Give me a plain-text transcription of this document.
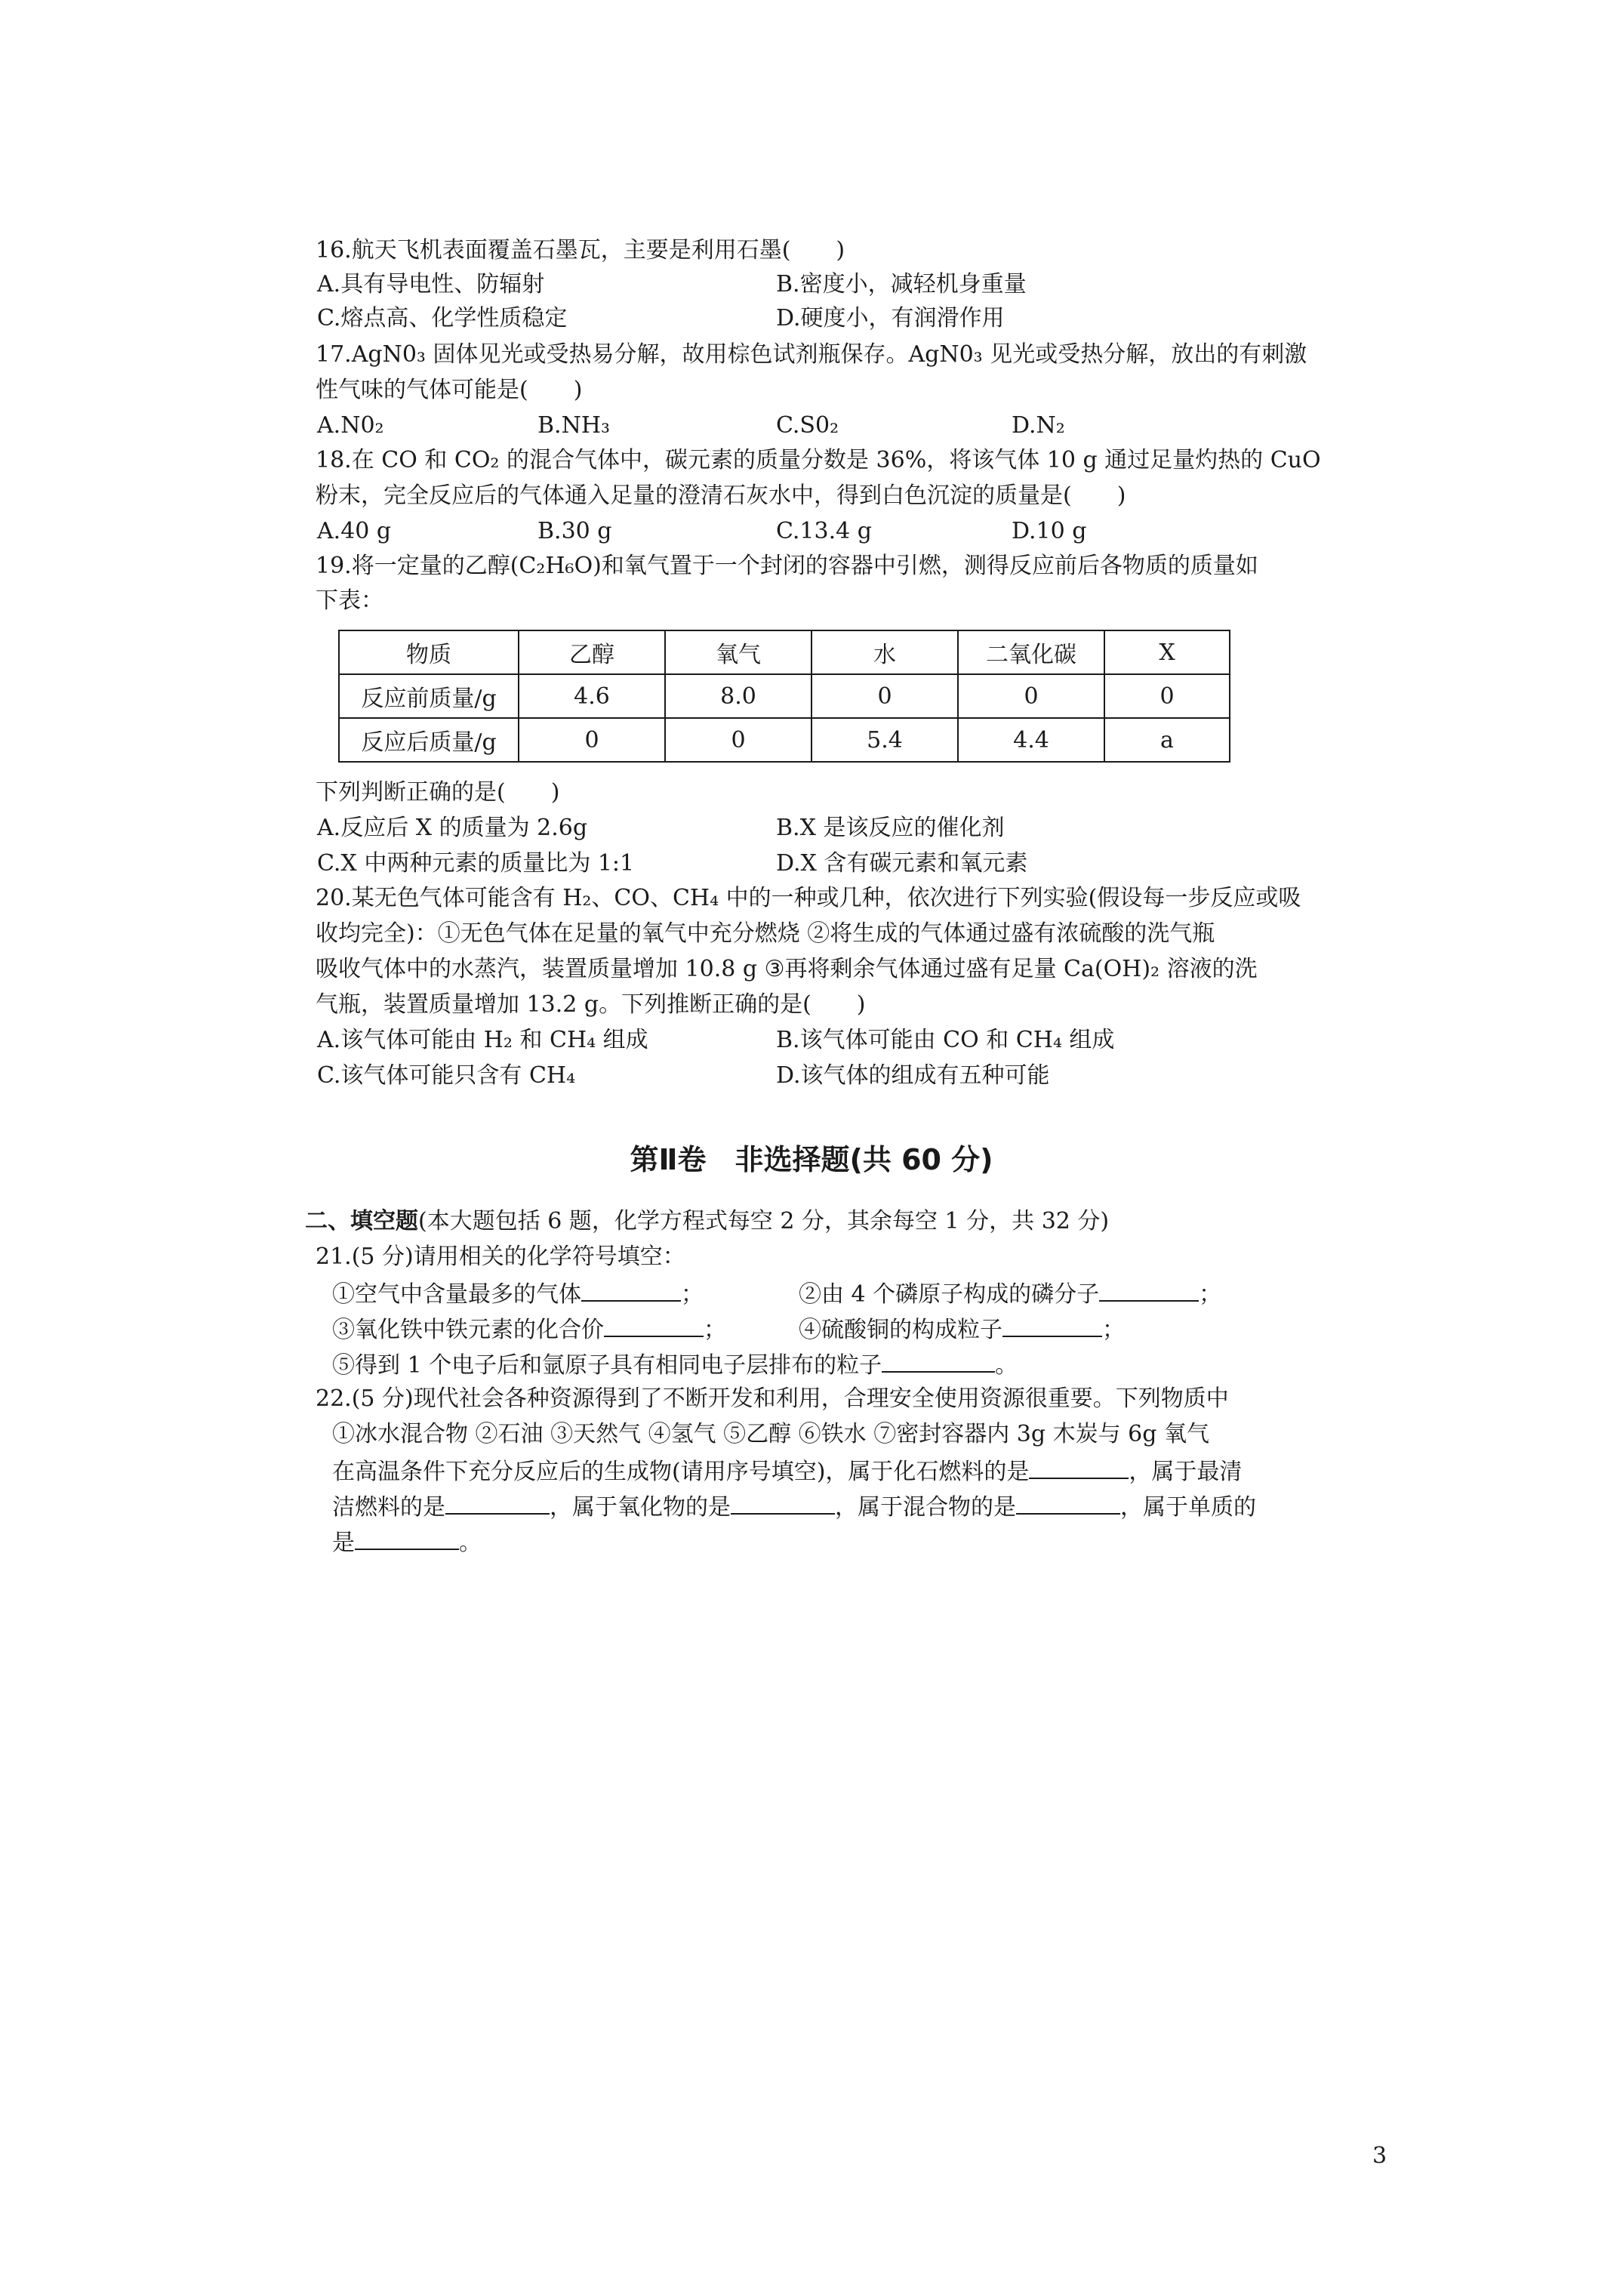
16.航天飞机表面覆盖石墨瓦，主要是利用石墨(　　)
A.具有导电性、防辐射	B.密度小，减轻机身重量
C.熔点高、化学性质稳定	D.硬度小，有润滑作用
17.AgN0₃ 固体见光或受热易分解，故用棕色试剂瓶保存。AgN0₃ 见光或受热分解，放出的有刺激
性气味的气体可能是(　　)
A.N0₂	B.NH₃	C.S0₂	D.N₂
18.在 CO 和 CO₂ 的混合气体中，碳元素的质量分数是 36%，将该气体 10 g 通过足量灼热的 CuO
粉末，完全反应后的气体通入足量的澄清石灰水中，得到白色沉淀的质量是(　　)
A.40 g	B.30 g	C.13.4 g	D.10 g
19.将一定量的乙醇(C₂H₆O)和氧气置于一个封闭的容器中引燃，测得反应前后各物质的质量如
下表：
物质	乙醇	氧气	水	二氧化碳	X
反应前质量/g	4.6	8.0	0	0	0
反应后质量/g	0	0	5.4	4.4	a
下列判断正确的是(　　)
A.反应后 X 的质量为 2.6g	B.X 是该反应的催化剂
C.X 中两种元素的质量比为 1:1	D.X 含有碳元素和氧元素
20.某无色气体可能含有 H₂、CO、CH₄ 中的一种或几种，依次进行下列实验(假设每一步反应或吸
收均完全)：①无色气体在足量的氧气中充分燃烧 ②将生成的气体通过盛有浓硫酸的洗气瓶
吸收气体中的水蒸汽，装置质量增加 10.8 g ③再将剩余气体通过盛有足量 Ca(OH)₂ 溶液的洗
气瓶，装置质量增加 13.2 g。下列推断正确的是(　　)
A.该气体可能由 H₂ 和 CH₄ 组成	B.该气体可能由 CO 和 CH₄ 组成
C.该气体可能只含有 CH₄	D.该气体的组成有五种可能
第Ⅱ卷　非选择题(共 60 分)
二、填空题(本大题包括 6 题，化学方程式每空 2 分，其余每空 1 分，共 32 分)
21.(5 分)请用相关的化学符号填空：
①空气中含量最多的气体	；	②由 4 个磷原子构成的磷分子	；
③氧化铁中铁元素的化合价	；	④硫酸铜的构成粒子	；
⑤得到 1 个电子后和氩原子具有相同电子层排布的粒子	。
22.(5 分)现代社会各种资源得到了不断开发和利用，合理安全使用资源很重要。下列物质中
①冰水混合物 ②石油 ③天然气 ④氢气 ⑤乙醇 ⑥铁水 ⑦密封容器内 3g 木炭与 6g 氧气
在高温条件下充分反应后的生成物(请用序号填空)，属于化石燃料的是	，属于最清
洁燃料的是	，属于氧化物的是	，属于混合物的是	，属于单质的
是	。
3
